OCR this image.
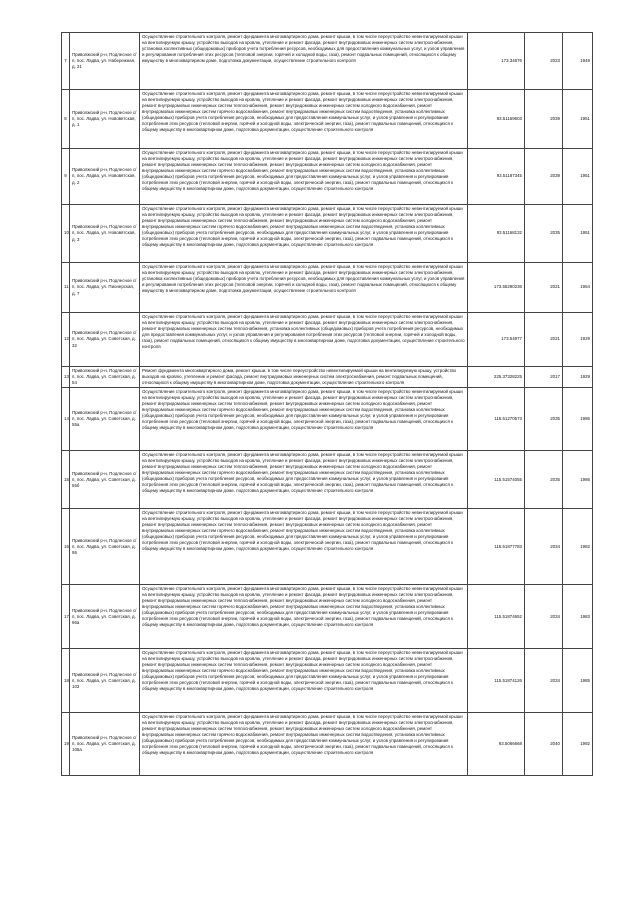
7	Приволжский р-н, Подлесное с/п, пос. Ладва, ул. Набережная, д. 21	Осуществление строительного контроля, ремонт фундамента многоквартирного дома, ремонт крыши, в том числе переустройство невентилируемой крыши на вентилируемую крышу, устройство выходов на кровлю, утепление и ремонт фасада, ремонт внутридомовых инженерных систем электроснабжения, установка коллективных (общедомовых) приборов учета потребления ресурсов, необходимых для предоставления коммунальных услуг, и узлов управления и регулирования потребления этих ресурсов (тепловой энергии, горячей и холодной воды, газа), ремонт подвальных помещений, относящихся к общему имуществу в многоквартирном доме, подготовка документации, осуществление строительного контроля	173.34676	2023	1949
8	Приволжский р-н, Подлесное с/п, пос. Ладва, ул. Нововятская, д. 1	Осуществление строительного контроля, ремонт фундамента многоквартирного дома, ремонт крыши, в том числе переустройство невентилируемой крыши на вентилируемую крышу, устройство выходов на кровлю, утепление и ремонт фасада, ремонт внутридомовых инженерных систем электроснабжения, ремонт внутридомовых инженерных систем теплоснабжения, ремонт внутридомовых инженерных систем холодного водоснабжения, ремонт внутридомовых инженерных систем горячего водоснабжения, ремонт внутридомовых инженерных систем водоотведения, установка коллективных (общедомовых) приборов учета потребления ресурсов, необходимых для предоставления коммунальных услуг, и узлов управления и регулирования потребления этих ресурсов (тепловой энергии, горячей и холодной воды, электрической энергии, газа), ремонт подвальных помещений, относящихся к общему имуществу в многоквартирном доме, подготовка документации, осуществление строительного контроля	93.51169603	2039	1951
9	Приволжский р-н, Подлесное с/п, пос. Ладва, ул. Нововятская, д. 2	Осуществление строительного контроля, ремонт фундамента многоквартирного дома, ремонт крыши, в том числе переустройство невентилируемой крыши на вентилируемую крышу, устройство выходов на кровлю, утепление и ремонт фасада, ремонт внутридомовых инженерных систем электроснабжения, ремонт внутридомовых инженерных систем теплоснабжения, ремонт внутридомовых инженерных систем холодного водоснабжения, ремонт внутридомовых инженерных систем горячего водоснабжения, ремонт внутридомовых инженерных систем водоотведения, установка коллективных (общедомовых) приборов учета потребления ресурсов, необходимых для предоставления коммунальных услуг, и узлов управления и регулирования потребления этих ресурсов (тепловой энергии, горячей и холодной воды, электрической энергии, газа), ремонт подвальных помещений, относящихся к общему имуществу в многоквартирном доме, подготовка документации, осуществление строительного контроля	93.51187345	2039	1951
10	Приволжский р-н, Подлесное с/п, пос. Ладва, ул. Нововятская, д. 3	Осуществление строительного контроля, ремонт фундамента многоквартирного дома, ремонт крыши, в том числе переустройство невентилируемой крыши на вентилируемую крышу, устройство выходов на кровлю, утепление и ремонт фасада, ремонт внутридомовых инженерных систем электроснабжения, ремонт внутридомовых инженерных систем теплоснабжения, ремонт внутридомовых инженерных систем холодного водоснабжения, ремонт внутридомовых инженерных систем горячего водоснабжения, ремонт внутридомовых инженерных систем водоотведения, установка коллективных (общедомовых) приборов учета потребления ресурсов, необходимых для предоставления коммунальных услуг, и узлов управления и регулирования потребления этих ресурсов (тепловой энергии, горячей и холодной воды, электрической энергии, газа), ремонт подвальных помещений, относящихся к общему имуществу в многоквартирном доме, подготовка документации, осуществление строительного контроля	93.51168132	2035	1951
11	Приволжский р-н, Подлесное с/п, пос. Ладва, ул. Пионерская, д. 7	Осуществление строительного контроля, ремонт фундамента многоквартирного дома, ремонт крыши, в том числе переустройство невентилируемой крыши на вентилируемую крышу, устройство выходов на кровлю, утепление и ремонт фасада, ремонт внутридомовых инженерных систем электроснабжения, установка коллективных (общедомовых) приборов учета потребления ресурсов, необходимых для предоставления коммунальных услуг, и узлов управления и регулирования потребления этих ресурсов (тепловой энергии, горячей и холодной воды, газа), ремонт подвальных помещений, относящихся к общему имуществу в многоквартирном доме, подготовка документации, осуществление строительного контроля	173.55290236	2021	1954
12	Приволжский р-н, Подлесное с/п, пос. Ладва, ул. Советская, д. 32	Осуществление строительного контроля, ремонт фундамента многоквартирного дома, ремонт крыши, в том числе переустройство невентилируемой крыши на вентилируемую крышу, устройство выходов на кровлю, утепление и ремонт фасада, ремонт внутридомовых инженерных систем электроснабжения, ремонт внутридомовых инженерных систем теплоснабжения, установка коллективных (общедомовых) приборов учета потребления ресурсов, необходимых для предоставления коммунальных услуг, и узлов управления и регулирования потребления этих ресурсов (тепловой энергии, горячей и холодной воды, газа), ремонт подвальных помещений, относящихся к общему имуществу в многоквартирном доме, подготовка документации, осуществление строительного контроля	173.54977	2021	1929
13	Приволжский р-н, Подлесное с/п, пос. Ладва, ул. Советская, д. 54	Ремонт фундамента многоквартирного дома, ремонт крыши, в том числе переустройство невентилируемой крыши на вентилируемую крышу, устройство выходов на кровлю, утепление и ремонт фасада, ремонт внутридомовых инженерных систем электроснабжения, ремонт подвальных помещений, относящихся к общему имуществу в многоквартирном доме, подготовка документации, осуществление строительного контроля	225.37328225	2017	1929
14	Приволжский р-н, Подлесное с/п, пос. Ладва, ул. Советская, д. 55а	Осуществление строительного контроля, ремонт фундамента многоквартирного дома, ремонт крыши, в том числе переустройство невентилируемой крыши на вентилируемую крышу, устройство выходов на кровлю, утепление и ремонт фасада, ремонт внутридомовых инженерных систем электроснабжения, ремонт внутридомовых инженерных систем теплоснабжения, ремонт внутридомовых инженерных систем холодного водоснабжения, ремонт внутридомовых инженерных систем горячего водоснабжения, ремонт внутридомовых инженерных систем водоотведения, установка коллективных (общедомовых) приборов учета потребления ресурсов, необходимых для предоставления коммунальных услуг, и узлов управления и регулирования потребления этих ресурсов (тепловой энергии, горячей и холодной воды, электрической энергии, газа), ремонт подвальных помещений, относящихся к общему имуществу в многоквартирном доме, подготовка документации, осуществление строительного контроля	115.51270573	2035	1986
15	Приволжский р-н, Подлесное с/п, пос. Ладва, ул. Советская, д. 55б	Осуществление строительного контроля, ремонт фундамента многоквартирного дома, ремонт крыши, в том числе переустройство невентилируемой крыши на вентилируемую крышу, устройство выходов на кровлю, утепление и ремонт фасада, ремонт внутридомовых инженерных систем электроснабжения, ремонт внутридомовых инженерных систем теплоснабжения, ремонт внутридомовых инженерных систем холодного водоснабжения, ремонт внутридомовых инженерных систем горячего водоснабжения, ремонт внутридомовых инженерных систем водоотведения, установка коллективных (общедомовых) приборов учета потребления ресурсов, необходимых для предоставления коммунальных услуг, и узлов управления и регулирования потребления этих ресурсов (тепловой энергии, горячей и холодной воды, электрической энергии, газа), ремонт подвальных помещений, относящихся к общему имуществу в многоквартирном доме, подготовка документации, осуществление строительного контроля	115.51574055	2035	1986
16	Приволжский р-н, Подлесное с/п, пос. Ладва, ул. Советская, д. 95	Осуществление строительного контроля, ремонт фундамента многоквартирного дома, ремонт крыши, в том числе переустройство невентилируемой крыши на вентилируемую крышу, устройство выходов на кровлю, утепление и ремонт фасада, ремонт внутридомовых инженерных систем электроснабжения, ремонт внутридомовых инженерных систем теплоснабжения, ремонт внутридомовых инженерных систем холодного водоснабжения, ремонт внутридомовых инженерных систем горячего водоснабжения, ремонт внутридомовых инженерных систем водоотведения, установка коллективных (общедомовых) приборов учета потребления ресурсов, необходимых для предоставления коммунальных услуг, и узлов управления и регулирования потребления этих ресурсов (тепловой энергии, горячей и холодной воды, электрической энергии, газа), ремонт подвальных помещений, относящихся к общему имуществу в многоквартирном доме, подготовка документации, осуществление строительного контроля	115.51877783	2034	1982
17	Приволжский р-н, Подлесное с/п, пос. Ладва, ул. Советская, д. 96а	Осуществление строительного контроля, ремонт фундамента многоквартирного дома, ремонт крыши, в том числе переустройство невентилируемой крыши на вентилируемую крышу, устройство выходов на кровлю, утепление и ремонт фасада, ремонт внутридомовых инженерных систем электроснабжения, ремонт внутридомовых инженерных систем теплоснабжения, ремонт внутридомовых инженерных систем холодного водоснабжения, ремонт внутридомовых инженерных систем горячего водоснабжения, ремонт внутридомовых инженерных систем водоотведения, установка коллективных (общедомовых) приборов учета потребления ресурсов, необходимых для предоставления коммунальных услуг, и узлов управления и регулирования потребления этих ресурсов (тепловой энергии, горячей и холодной воды, электрической энергии, газа), ремонт подвальных помещений, относящихся к общему имуществу в многоквартирном доме, подготовка документации, осуществление строительного контроля	115.51874652	2034	1983
18	Приволжский р-н, Подлесное с/п, пос. Ладва, ул. Советская, д. 103	Осуществление строительного контроля, ремонт фундамента многоквартирного дома, ремонт крыши, в том числе переустройство невентилируемой крыши на вентилируемую крышу, устройство выходов на кровлю, утепление и ремонт фасада, ремонт внутридомовых инженерных систем электроснабжения, ремонт внутридомовых инженерных систем теплоснабжения, ремонт внутридомовых инженерных систем холодного водоснабжения, ремонт внутридомовых инженерных систем горячего водоснабжения, ремонт внутридомовых инженерных систем водоотведения, установка коллективных (общедомовых) приборов учета потребления ресурсов, необходимых для предоставления коммунальных услуг, и узлов управления и регулирования потребления этих ресурсов (тепловой энергии, горячей и холодной воды, электрической энергии, газа), ремонт подвальных помещений, относящихся к общему имуществу в многоквартирном доме, подготовка документации, осуществление строительного контроля	115.51874126	2034	1985
19	Приволжский р-н, Подлесное с/п, пос. Ладва, ул. Советская, д. 105а	Осуществление строительного контроля, ремонт фундамента многоквартирного дома, ремонт крыши, в том числе переустройство невентилируемой крыши на вентилируемую крышу, устройство выходов на кровлю, утепление и ремонт фасада, ремонт внутридомовых инженерных систем электроснабжения, ремонт внутридомовых инженерных систем теплоснабжения, ремонт внутридомовых инженерных систем холодного водоснабжения, ремонт внутридомовых инженерных систем горячего водоснабжения, ремонт внутридомовых инженерных систем водоотведения, установка коллективных (общедомовых) приборов учета потребления ресурсов, необходимых для предоставления коммунальных услуг, и узлов управления и регулирования потребления этих ресурсов (тепловой энергии, горячей и холодной воды, электрической энергии, газа), ремонт подвальных помещений, относящихся к общему имуществу в многоквартирном доме, подготовка документации, осуществление строительного контроля	93.5066668	2040	1992
